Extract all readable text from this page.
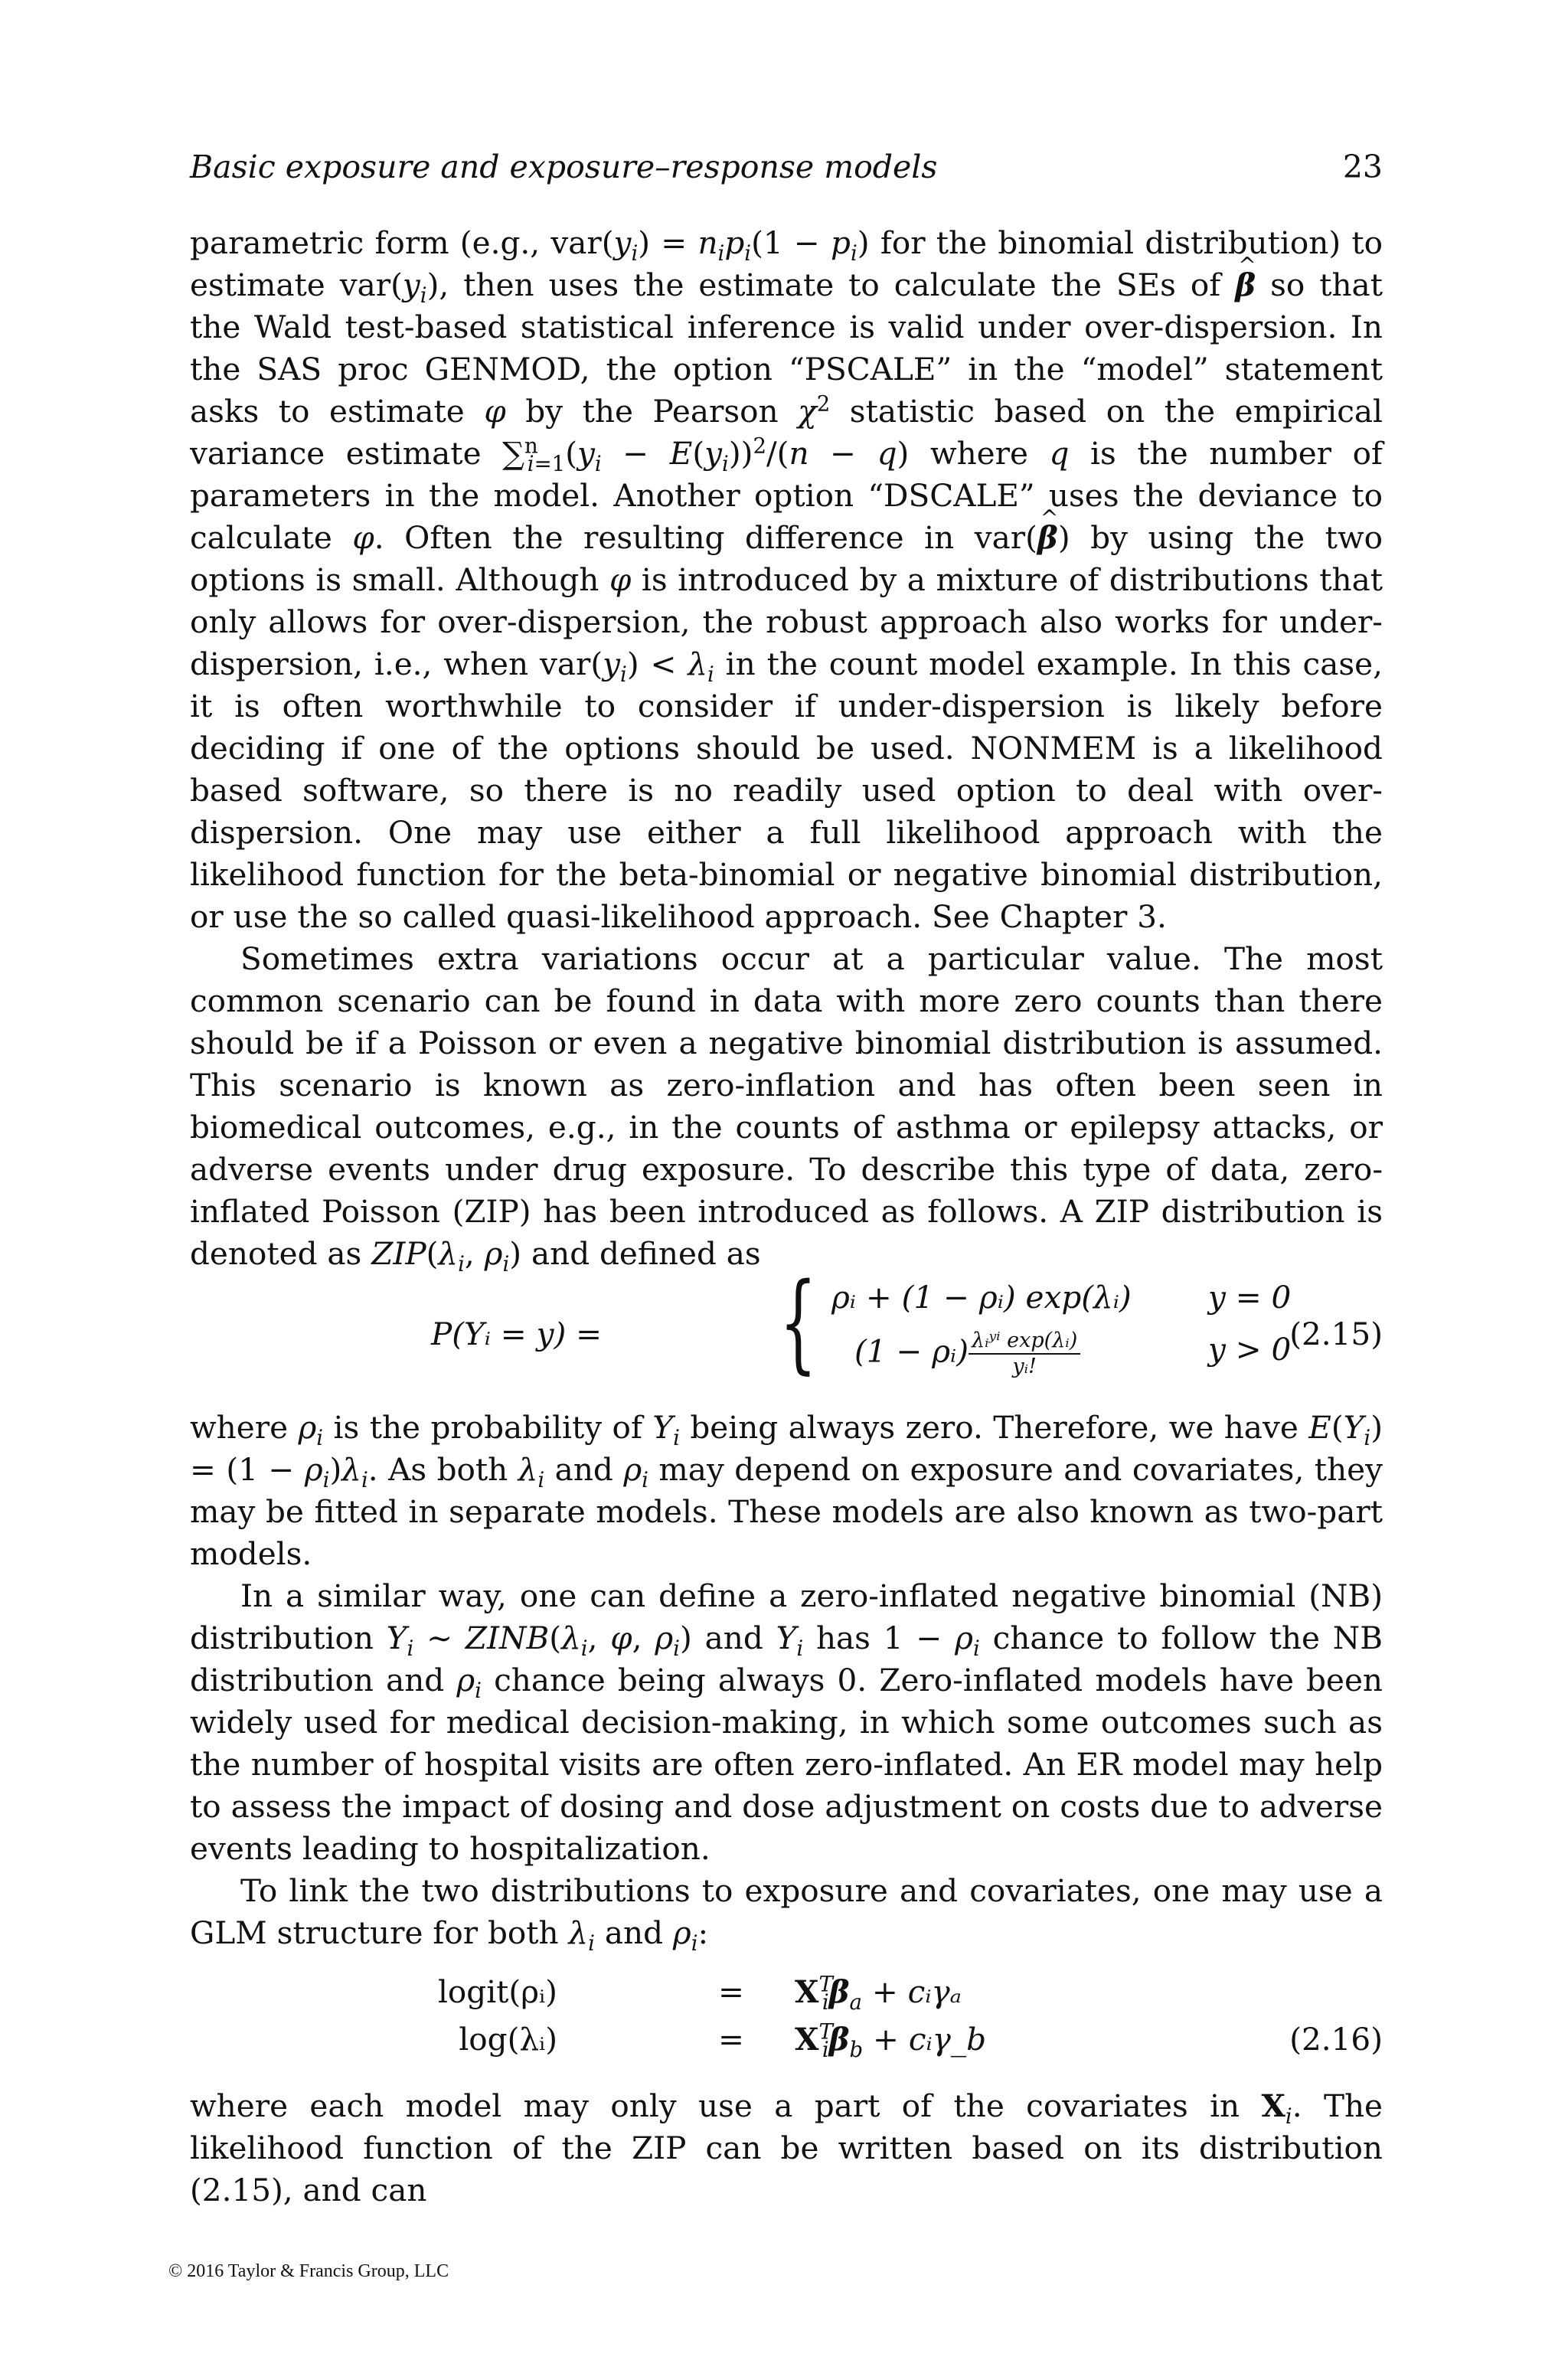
Basic exposure and exposure–response models	23

parametric form (e.g., $var(y_i) = n_ip_i(1 - p_i)$ for the binomial distribution) to estimate $var(y_i)$, then uses the estimate to calculate the SEs of ^ β so that the Wald test-based statistical inference is valid under over-dispersion. In the SAS proc GENMOD, the option “PSCALE” in the “model” statement asks to estimate φ by the Pearson $\chi^2$ statistic based on the empirical variance estimate $\sum^n_{i=1}(y_i - E(y_i))^2/(n - q)$ where q is the number of parameters in the model. Another option “DSCALE” uses the deviance to calculate φ. Often the resulting difference in var(^ β) by using the two options is small. Although φ is introduced by a mixture of distributions that only allows for over-dispersion, the robust approach also works for under-dispersion, i.e., when $var(y_i) < \lambda_i$ in the count model example. In this case, it is often worthwhile to consider if under-dispersion is likely before deciding if one of the options should be used. NONMEM is a likelihood based software, so there is no readily used option to deal with over-dispersion. One may use either a full likelihood approach with the likelihood function for the beta-binomial or negative binomial distribution, or use the so called quasi-likelihood approach. See Chapter 3.

Sometimes extra variations occur at a particular value. The most common scenario can be found in data with more zero counts than there should be if a Poisson or even a negative binomial distribution is assumed. This scenario is known as zero-inflation and has often been seen in biomedical outcomes, e.g., in the counts of asthma or epilepsy attacks, or adverse events under drug exposure. To describe this type of data, zero-inflated Poisson (ZIP) has been introduced as follows. A ZIP distribution is denoted as $ZIP(\lambda_i$, $\rho_i$) and defined as

P(Yᵢ = y) = { ρᵢ + (1 − ρᵢ) exp(λᵢ)
(1 − ρᵢ) $\frac{\text{λᵢʸⁱ exp(λᵢ)}}{\text{yᵢ!}}$
y = 0
y > 0
(2.15)

where $\rho_i$ is the probability of $Y_i$ being always zero. Therefore, we have $E(Y_i) = (1 - \rho_i)\lambda_i$. As both $\lambda_i$ and $\rho_i$ may depend on exposure and covariates, they may be fitted in separate models. These models are also known as two-part models.

In a similar way, one can define a zero-inflated negative binomial (NB) distribution $Y_i$ ∼ $ZINB(\lambda_i$, φ, $\rho_i$) and $Y_i$ has $1 - \rho_i$ chance to follow the NB distribution and $\rho_i$ chance being always 0. Zero-inflated models have been widely used for medical decision-making, in which some outcomes such as the number of hospital visits are often zero-inflated. An ER model may help to assess the impact of dosing and dose adjustment on costs due to adverse events leading to hospitalization.

To link the two distributions to exposure and covariates, one may use a GLM structure for both $\lambda_i$ and $\rho_i$:

logit(ρᵢ)	= $X^T_i\beta_a$ + cᵢγₐ
log(λᵢ)	= $X^T_i\beta_b$ + cᵢγ_b	(2.16)

where each model may only use a part of the covariates in $X_i$. The likelihood function of the ZIP can be written based on its distribution (2.15), and can

© 2016 Taylor & Francis Group, LLC
